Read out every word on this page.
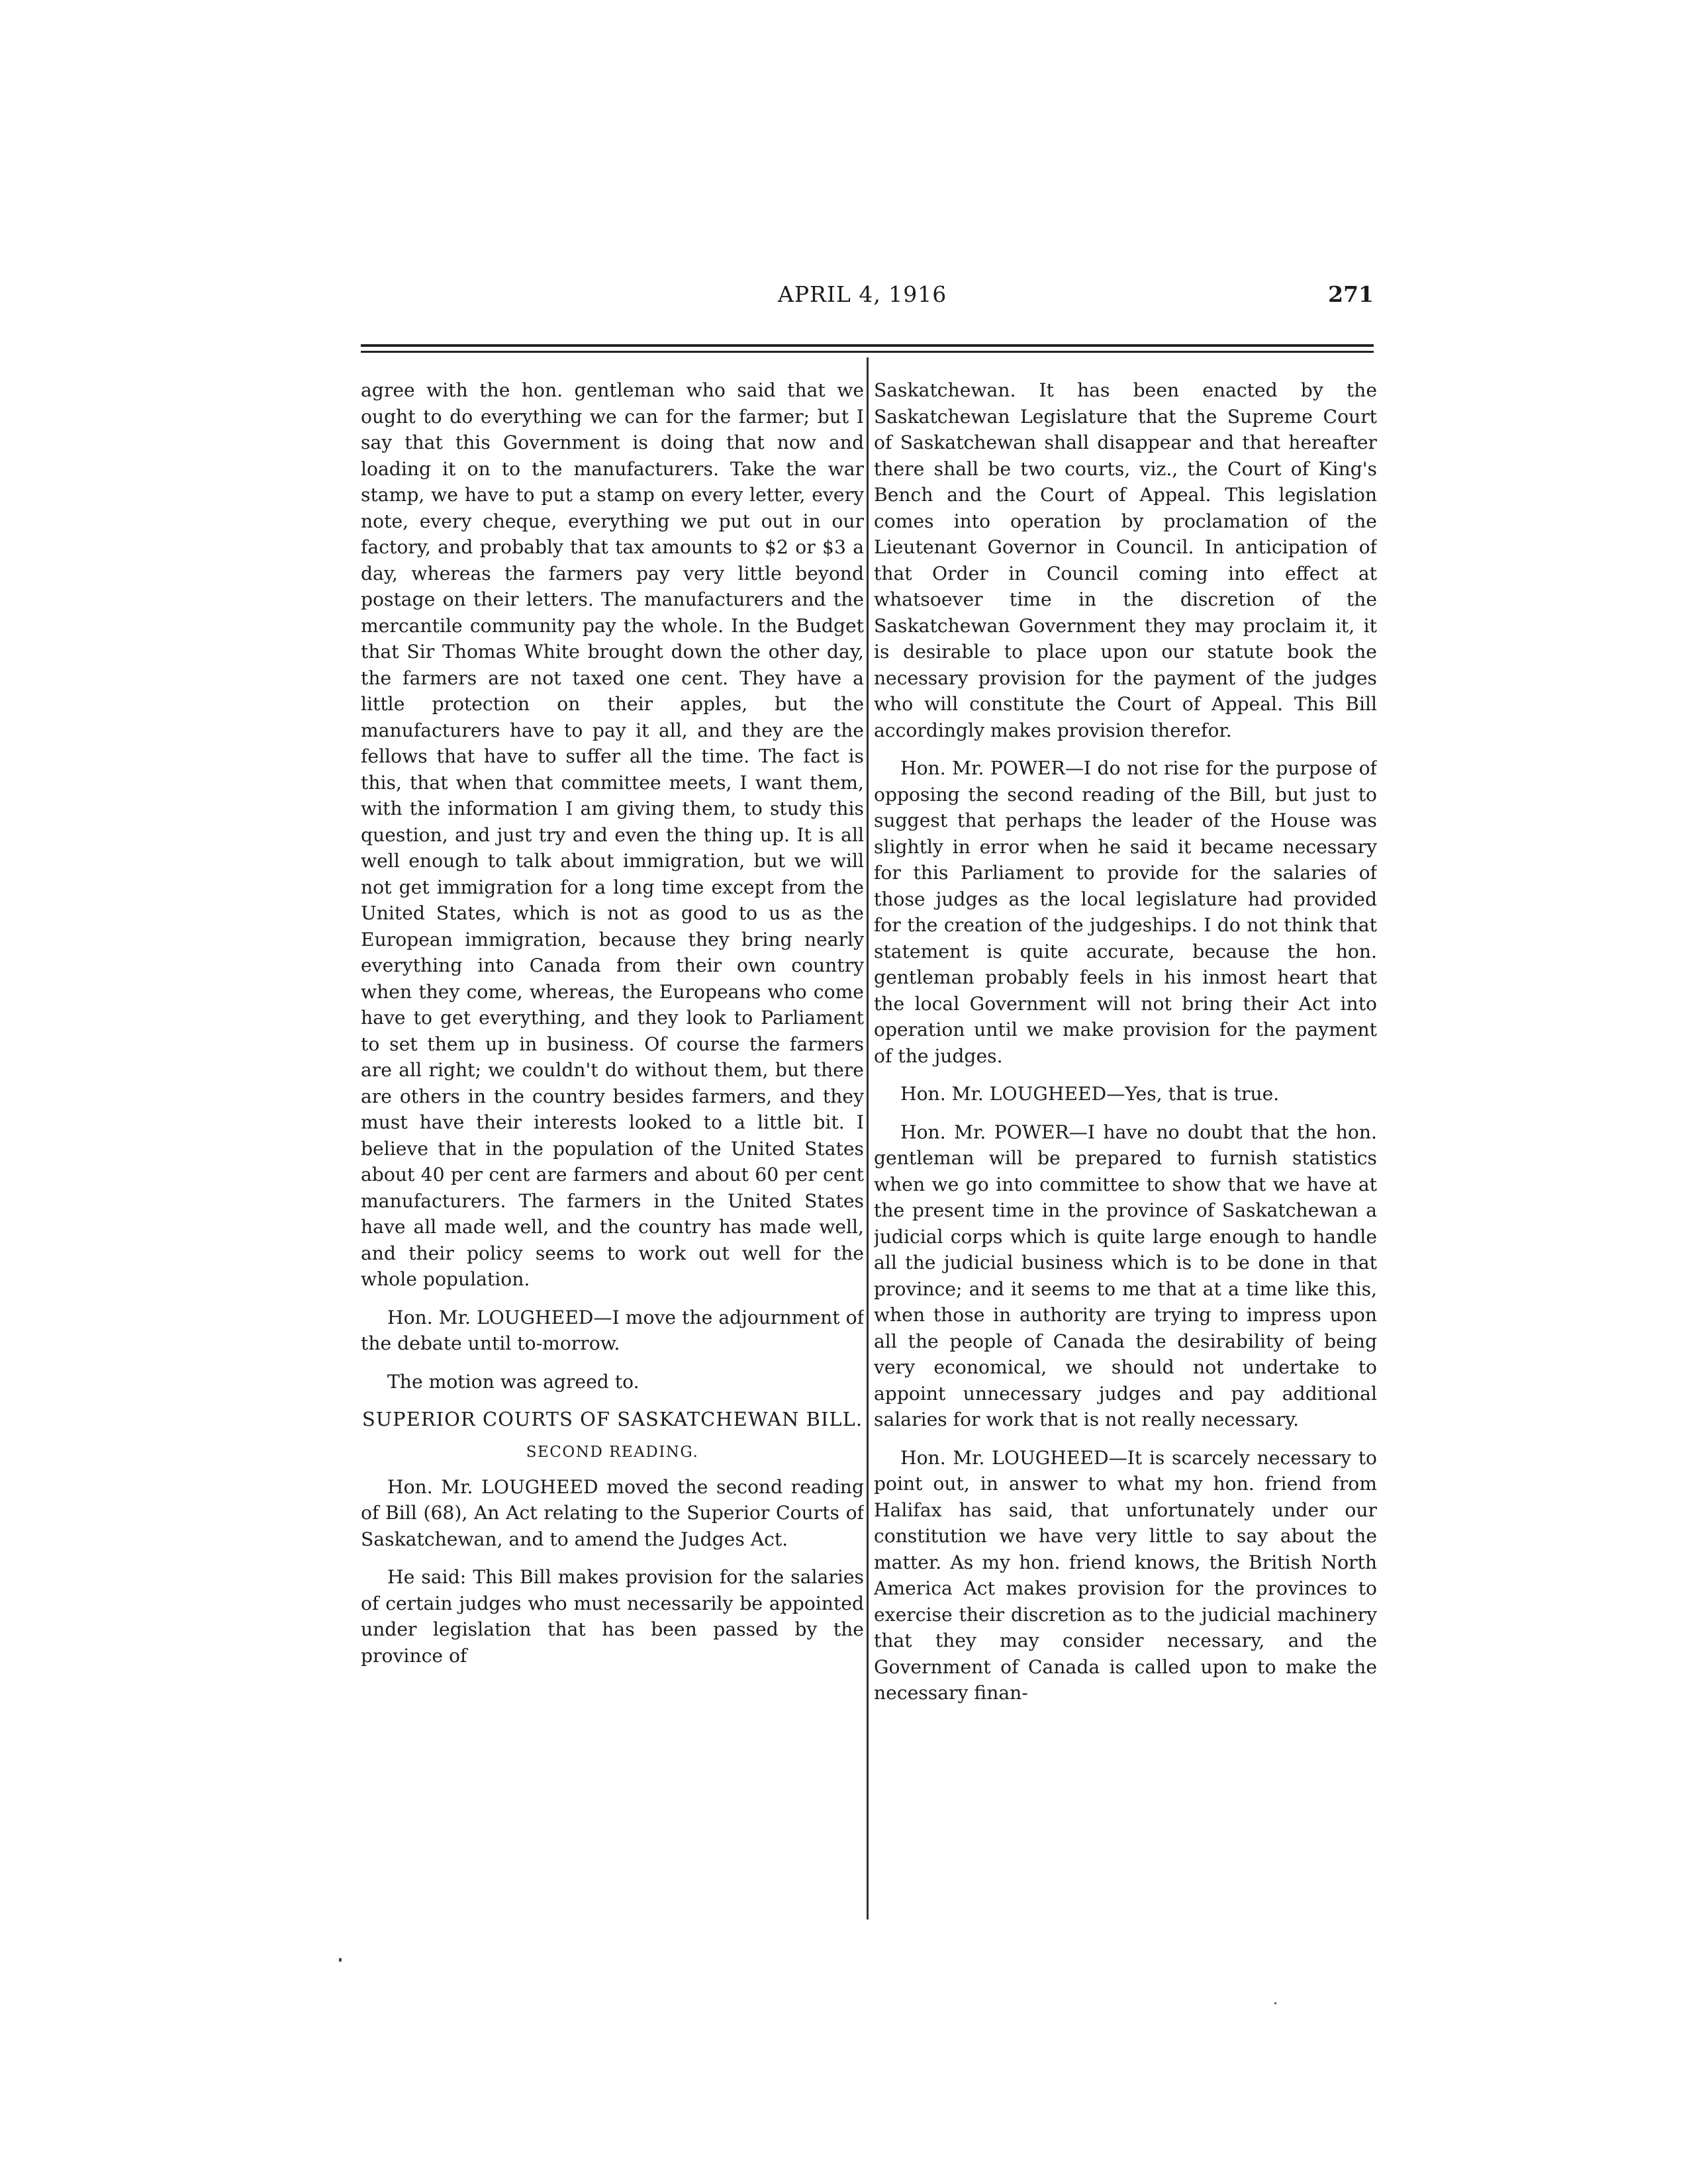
APRIL 4, 1916	271

agree with the hon. gentleman who said that we ought to do everything we can for the farmer; but I say that this Government is doing that now and loading it on to the manufacturers. Take the war stamp, we have to put a stamp on every letter, every note, every cheque, everything we put out in our factory, and probably that tax amounts to $2 or $3 a day, whereas the farmers pay very little beyond postage on their letters. The manufacturers and the mercantile community pay the whole. In the Budget that Sir Thomas White brought down the other day, the farmers are not taxed one cent. They have a little protection on their apples, but the manufacturers have to pay it all, and they are the fellows that have to suffer all the time. The fact is this, that when that committee meets, I want them, with the information I am giving them, to study this question, and just try and even the thing up. It is all well enough to talk about immigration, but we will not get immigration for a long time except from the United States, which is not as good to us as the European immigration, because they bring nearly everything into Canada from their own country when they come, whereas, the Europeans who come have to get everything, and they look to Parliament to set them up in business. Of course the farmers are all right; we couldn't do without them, but there are others in the country besides farmers, and they must have their interests looked to a little bit. I believe that in the population of the United States about 40 per cent are farmers and about 60 per cent manufacturers. The farmers in the United States have all made well, and the country has made well, and their policy seems to work out well for the whole population.

Hon. Mr. LOUGHEED—I move the adjournment of the debate until to-morrow.

The motion was agreed to.

SUPERIOR COURTS OF SASKATCHEWAN BILL.
SECOND READING.

Hon. Mr. LOUGHEED moved the second reading of Bill (68), An Act relating to the Superior Courts of Saskatchewan, and to amend the Judges Act.

He said: This Bill makes provision for the salaries of certain judges who must necessarily be appointed under legislation that has been passed by the province of

Saskatchewan. It has been enacted by the Saskatchewan Legislature that the Supreme Court of Saskatchewan shall disappear and that hereafter there shall be two courts, viz., the Court of King's Bench and the Court of Appeal. This legislation comes into operation by proclamation of the Lieutenant Governor in Council. In anticipation of that Order in Council coming into effect at whatsoever time in the discretion of the Saskatchewan Government they may proclaim it, it is desirable to place upon our statute book the necessary provision for the payment of the judges who will constitute the Court of Appeal. This Bill accordingly makes provision therefor.

Hon. Mr. POWER—I do not rise for the purpose of opposing the second reading of the Bill, but just to suggest that perhaps the leader of the House was slightly in error when he said it became necessary for this Parliament to provide for the salaries of those judges as the local legislature had provided for the creation of the judgeships. I do not think that statement is quite accurate, because the hon. gentleman probably feels in his inmost heart that the local Government will not bring their Act into operation until we make provision for the payment of the judges.

Hon. Mr. LOUGHEED—Yes, that is true.

Hon. Mr. POWER—I have no doubt that the hon. gentleman will be prepared to furnish statistics when we go into committee to show that we have at the present time in the province of Saskatchewan a judicial corps which is quite large enough to handle all the judicial business which is to be done in that province; and it seems to me that at a time like this, when those in authority are trying to impress upon all the people of Canada the desirability of being very economical, we should not undertake to appoint unnecessary judges and pay additional salaries for work that is not really necessary.

Hon. Mr. LOUGHEED—It is scarcely necessary to point out, in answer to what my hon. friend from Halifax has said, that unfortunately under our constitution we have very little to say about the matter. As my hon. friend knows, the British North America Act makes provision for the provinces to exercise their discretion as to the judicial machinery that they may consider necessary, and the Government of Canada is called upon to make the necessary finan-
